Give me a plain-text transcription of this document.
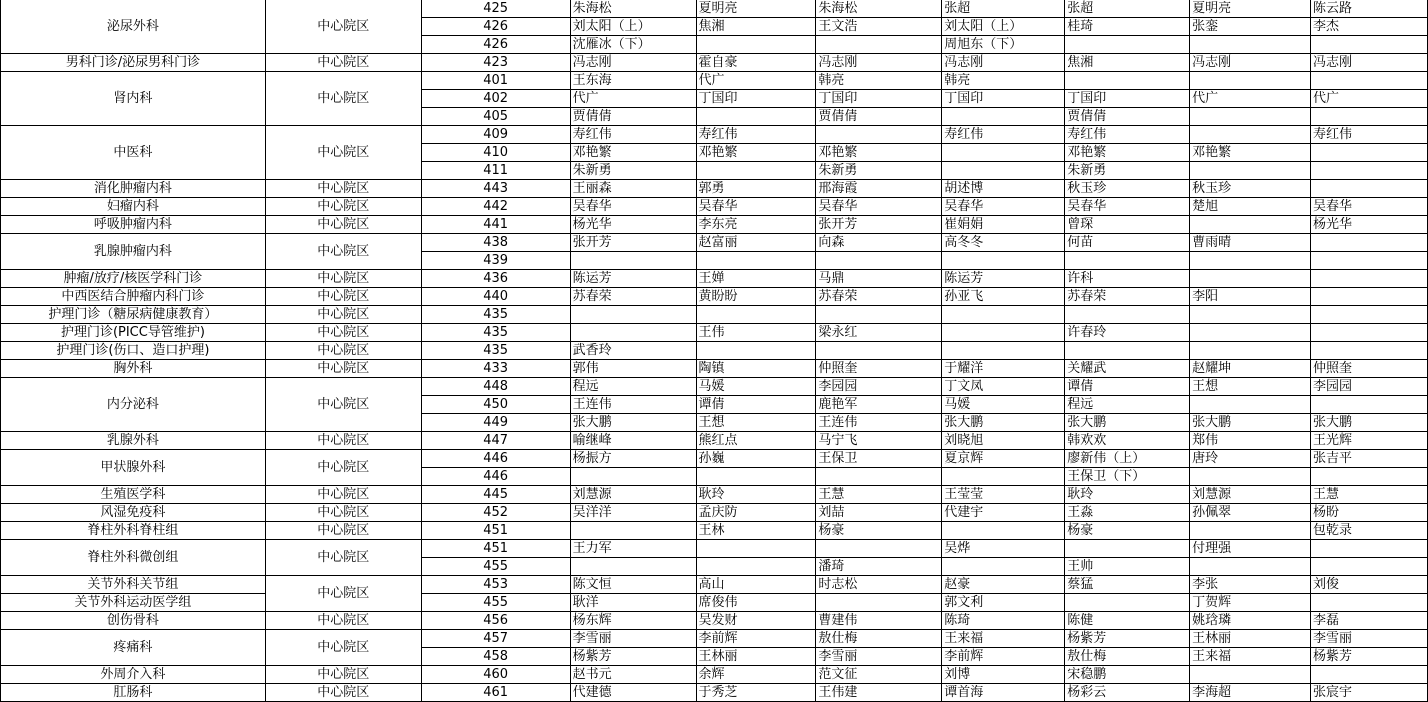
泌尿外科	中心院区	425	朱海松	夏明亮	朱海松	张超	张超	夏明亮	陈云路
		426	刘太阳（上）	焦湘	王文浩	刘太阳（上）	桂琦	张銮	李杰
		426	沈雁冰（下）			周旭东（下）			
男科门诊/泌尿男科门诊	中心院区	423	冯志刚	霍自豪	冯志刚	冯志刚	焦湘	冯志刚	冯志刚
肾内科	中心院区	401	王东海	代广	韩亮	韩亮			
		402	代广	丁国印	丁国印	丁国印	丁国印	代广	代广
		405	贾倩倩		贾倩倩		贾倩倩		
中医科	中心院区	409	寿红伟	寿红伟		寿红伟	寿红伟		寿红伟
		410	邓艳繁	邓艳繁	邓艳繁		邓艳繁	邓艳繁	
		411	朱新勇		朱新勇		朱新勇		
消化肿瘤内科	中心院区	443	王丽森	郭勇	邢海霞	胡述博	秋玉珍	秋玉珍	
妇瘤内科	中心院区	442	吴春华	吴春华	吴春华	吴春华	吴春华	楚旭	吴春华
呼吸肿瘤内科	中心院区	441	杨光华	李东亮	张开芳	崔娟娟	曾琛		杨光华
乳腺肿瘤内科	中心院区	438	张开芳	赵富丽	向森	高冬冬	何苗	曹雨晴	
		439							
肿瘤/放疗/核医学科门诊	中心院区	436	陈运芳	王婵	马鼎	陈运芳	许科		
中西医结合肿瘤内科门诊	中心院区	440	苏春荣	黄盼盼	苏春荣	孙亚飞	苏春荣	李阳	
护理门诊（糖尿病健康教育）	中心院区	435							
护理门诊(PICC导管维护)	中心院区	435		王伟	梁永红		许春玲		
护理门诊(伤口、造口护理)	中心院区	435	武香玲						
胸外科	中心院区	433	郭伟	陶镇	仲照奎	于耀洋	关耀武	赵耀坤	仲照奎
内分泌科	中心院区	448	程远	马媛	李园园	丁文凤	谭倩	王想	李园园
		450	王连伟	谭倩	鹿艳军	马媛	程远		
		449	张大鹏	王想	王连伟	张大鹏	张大鹏	张大鹏	张大鹏
乳腺外科	中心院区	447	喻继峰	熊红点	马宁飞	刘晓旭	韩欢欢	郑伟	王光辉
甲状腺外科	中心院区	446	杨振方	孙巍	王保卫	夏京辉	廖新伟（上）	唐玲	张吉平
		446					王保卫（下）		
生殖医学科	中心院区	445	刘慧源	耿玲	王慧	王莹莹	耿玲	刘慧源	王慧
风湿免疫科	中心院区	452	吴洋洋	孟庆防	刘喆	代建宇	王淼	孙佩翠	杨盼
脊柱外科脊柱组	中心院区	451		王林	杨豪		杨豪		包乾录
脊柱外科微创组	中心院区	451	王力军			吴烨		付理强	
		455			潘琦		王帅		
关节外科关节组	中心院区	453	陈文恒	高山	时志松	赵豪	蔡猛	李张	刘俊
关节外科运动医学组		455	耿洋	席俊伟		郭文利		丁贺辉	
创伤骨科	中心院区	456	杨东辉	吴发财	曹建伟	陈琦	陈健	姚琀璘	李磊
疼痛科	中心院区	457	李雪丽	李前辉	敖仕梅	王来福	杨紫芳	王林丽	李雪丽
		458	杨紫芳	王林丽	李雪丽	李前辉	敖仕梅	王来福	杨紫芳
外周介入科	中心院区	460	赵书元	余辉	范文征	刘博	宋稳鹏		
肛肠科	中心院区	461	代建德	于秀芝	王伟建	谭首海	杨彩云	李海超	张宸宇
